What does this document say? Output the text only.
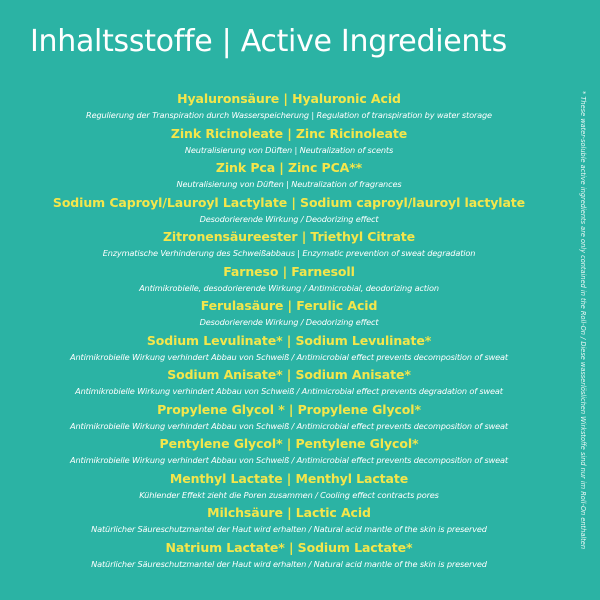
Inhaltsstoffe | Active Ingredients
Hyaluronsäure | Hyaluronic Acid
Regulierung der Transpiration durch Wasserspeicherung | Regulation of transpiration by water storage
Zink Ricinoleate | Zinc Ricinoleate
Neutralisierung von Düften | Neutralization of scents
Zink Pca | Zinc PCA**
Neutralisierung von Düften | Neutralization of fragrances
Sodium Caproyl/Lauroyl Lactylate | Sodium caproyl/lauroyl lactylate
Desodorierende Wirkung / Deodorizing effect
Zitronensäureester | Triethyl Citrate
Enzymatische Verhinderung des Schweißabbaus | Enzymatic prevention of sweat degradation
Farneso | Farnesoll
Antimikrobielle, desodorierende Wirkung / Antimicrobial, deodorizing action
Ferulasäure | Ferulic Acid
Desodorierende Wirkung / Deodorizing effect
Sodium Levulinate* | Sodium Levulinate*
Antimikrobielle Wirkung verhindert Abbau von Schweiß / Antimicrobial effect prevents decomposition of sweat
Sodium Anisate* | Sodium Anisate*
Antimikrobielle Wirkung verhindert Abbau von Schweiß / Antimicrobial effect prevents degradation of sweat
Propylene Glycol * | Propylene Glycol*
Antimikrobielle Wirkung verhindert Abbau von Schweiß / Antimicrobial effect prevents decomposition of sweat
Pentylene Glycol* | Pentylene Glycol*
Antimikrobielle Wirkung verhindert Abbau von Schweiß / Antimicrobial effect prevents decomposition of sweat
Menthyl Lactate | Menthyl Lactate
Kühlender Effekt zieht die Poren zusammen / Cooling effect contracts pores
Milchsäure | Lactic Acid
Natürlicher Säureschutzmantel der Haut wird erhalten / Natural acid mantle of the skin is preserved
Natrium Lactate* | Sodium Lactate*
Natürlicher Säureschutzmantel der Haut wird erhalten / Natural acid mantle of the skin is preserved
* These water-soluble active ingredients are only contained in the Roll-On / Diese wasserlöslichen Wirkstoffe sind nur im Roll-On enthalten
